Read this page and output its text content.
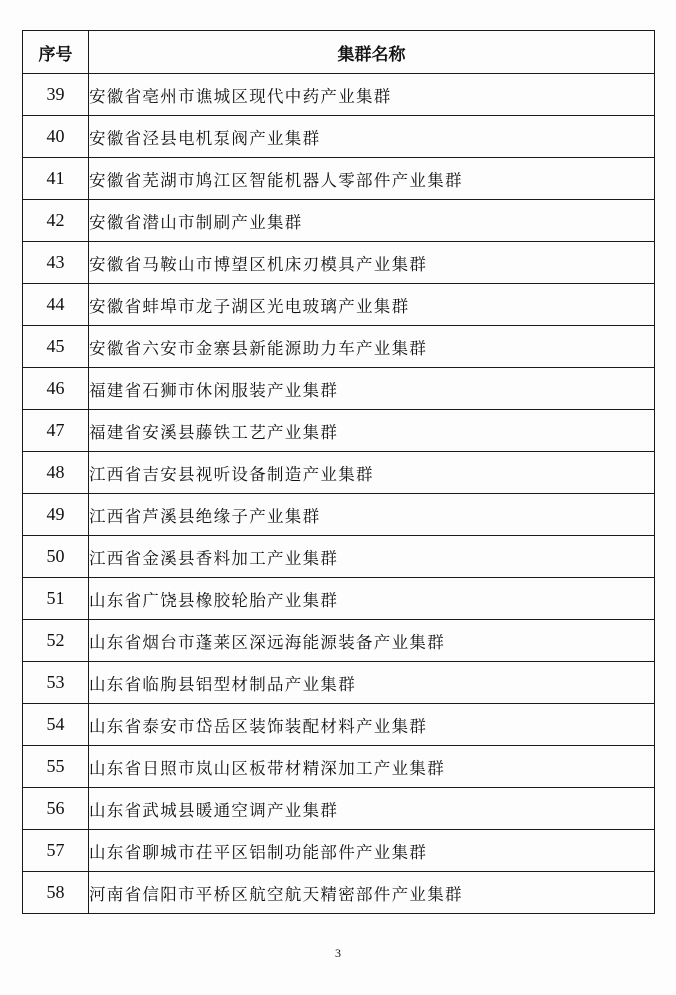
序号	集群名称
39	安徽省亳州市谯城区现代中药产业集群
40	安徽省泾县电机泵阀产业集群
41	安徽省芜湖市鸠江区智能机器人零部件产业集群
42	安徽省潜山市制刷产业集群
43	安徽省马鞍山市博望区机床刃模具产业集群
44	安徽省蚌埠市龙子湖区光电玻璃产业集群
45	安徽省六安市金寨县新能源助力车产业集群
46	福建省石狮市休闲服装产业集群
47	福建省安溪县藤铁工艺产业集群
48	江西省吉安县视听设备制造产业集群
49	江西省芦溪县绝缘子产业集群
50	江西省金溪县香料加工产业集群
51	山东省广饶县橡胶轮胎产业集群
52	山东省烟台市蓬莱区深远海能源装备产业集群
53	山东省临朐县铝型材制品产业集群
54	山东省泰安市岱岳区装饰装配材料产业集群
55	山东省日照市岚山区板带材精深加工产业集群
56	山东省武城县暖通空调产业集群
57	山东省聊城市茌平区铝制功能部件产业集群
58	河南省信阳市平桥区航空航天精密部件产业集群
3
